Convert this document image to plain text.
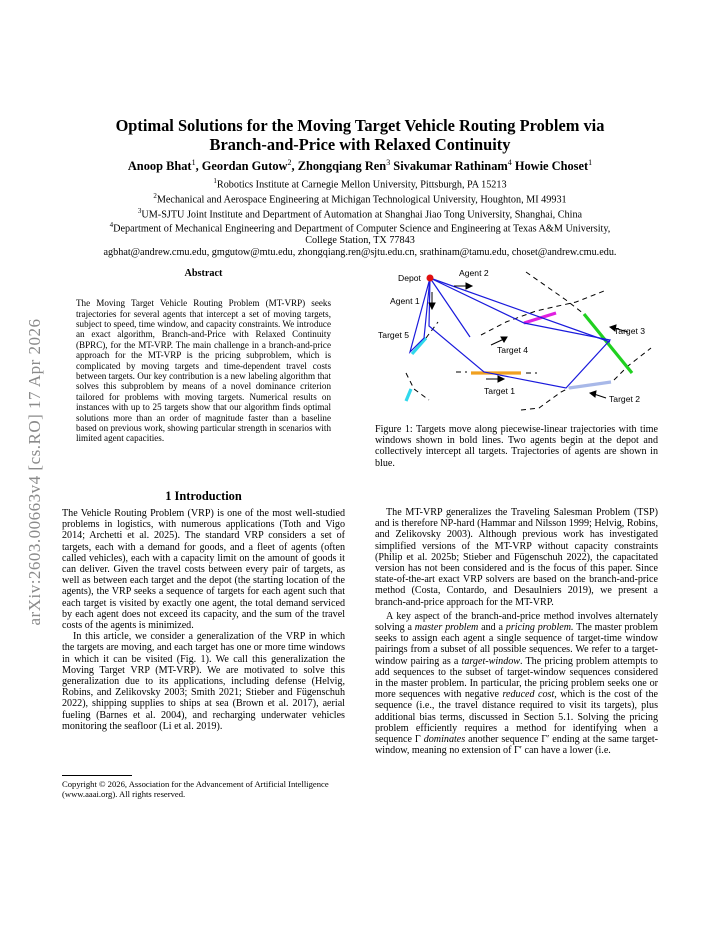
arXiv:2603.00663v4 [cs.RO] 17 Apr 2026
Optimal Solutions for the Moving Target Vehicle Routing Problem via
Branch-and-Price with Relaxed Continuity
Anoop Bhat$^1$, Geordan Gutow$^2$, Zhongqiang Ren$^3$ Sivakumar Rathinam$^4$ Howie Choset$^1$
$^1$Robotics Institute at Carnegie Mellon University, Pittsburgh, PA 15213
$^2$Mechanical and Aerospace Engineering at Michigan Technological University, Houghton, MI 49931
$^3$UM-SJTU Joint Institute and Department of Automation at Shanghai Jiao Tong University, Shanghai, China
$^4$Department of Mechanical Engineering and Department of Computer Science and Engineering at Texas A&M University,
College Station, TX 77843
agbhat@andrew.cmu.edu, gmgutow@mtu.edu, zhongqiang.ren@sjtu.edu.cn, srathinam@tamu.edu, choset@andrew.cmu.edu.
Abstract

The Moving Target Vehicle Routing Problem (MT-VRP) seeks trajectories for several agents that intercept a set of moving targets, subject to speed, time window, and capacity constraints. We introduce an exact algorithm, Branch-and-Price with Relaxed Continuity (BPRC), for the MT-VRP. The main challenge in a branch-and-price approach for the MT-VRP is the pricing subproblem, which is complicated by moving targets and time-dependent travel costs between targets. Our key contribution is a new labeling algorithm that solves this subproblem by means of a novel dominance criterion tailored for problems with moving targets. Numerical results on instances with up to 25 targets show that our algorithm finds optimal solutions more than an order of magnitude faster than a baseline based on previous work, showing particular strength in scenarios with limited agent capacities.

1 Introduction

The Vehicle Routing Problem (VRP) is one of the most well-studied problems in logistics, with numerous applications (Toth and Vigo 2014; Archetti et al. 2025). The standard VRP considers a set of targets, each with a demand for goods, and a fleet of agents (often called vehicles), each with a capacity limit on the amount of goods it can deliver. Given the travel costs between every pair of targets, as well as between each target and the depot (the starting location of the agents), the VRP seeks a sequence of targets for each agent such that each target is visited by exactly one agent, the total demand serviced by each agent does not exceed its capacity, and the sum of the travel costs of the agents is minimized.

In this article, we consider a generalization of the VRP in which the targets are moving, and each target has one or more time windows in which it can be visited (Fig. 1). We call this generalization the Moving Target VRP (MT-VRP). We are motivated to solve this generalization due to its applications, including defense (Helvig, Robins, and Zelikovsky 2003; Smith 2021; Stieber and Fügenschuh 2022), shipping supplies to ships at sea (Brown et al. 2017), aerial fueling (Barnes et al. 2004), and recharging underwater vehicles monitoring the seafloor (Li et al. 2019).

Copyright © 2026, Association for the Advancement of Artificial Intelligence (www.aaai.org). All rights reserved.
Depot	Agent 2
Agent 1
Target 5
Target 4
Target 3
Target 1
Target 2
Figure 1: Targets move along piecewise-linear trajectories with time windows shown in bold lines. Two agents begin at the depot and collectively intercept all targets. Trajectories of agents are shown in blue.

The MT-VRP generalizes the Traveling Salesman Problem (TSP) and is therefore NP-hard (Hammar and Nilsson 1999; Helvig, Robins, and Zelikovsky 2003). Although previous work has investigated simplified versions of the MT-VRP without capacity constraints (Philip et al. 2025b; Stieber and Fügenschuh 2022), the capacitated version has not been considered and is the focus of this paper. Since state-of-the-art exact VRP solvers are based on the branch-and-price method (Costa, Contardo, and Desaulniers 2019), we present a branch-and-price approach for the MT-VRP.

A key aspect of the branch-and-price method involves alternately solving a master problem and a pricing problem. The master problem seeks to assign each agent a single sequence of target-time window pairings from a subset of all possible sequences. We refer to a target-window pairing as a target-window. The pricing problem attempts to add sequences to the subset of target-window sequences considered in the master problem. In particular, the pricing problem seeks one or more sequences with negative reduced cost, which is the cost of the sequence (i.e., the travel distance required to visit its targets), plus additional bias terms, discussed in Section 5.1. Solving the pricing problem efficiently requires a method for identifying when a sequence Γ dominates another sequence Γ′ ending at the same target-window, meaning no extension of Γ′ can have a lower (i.e.
